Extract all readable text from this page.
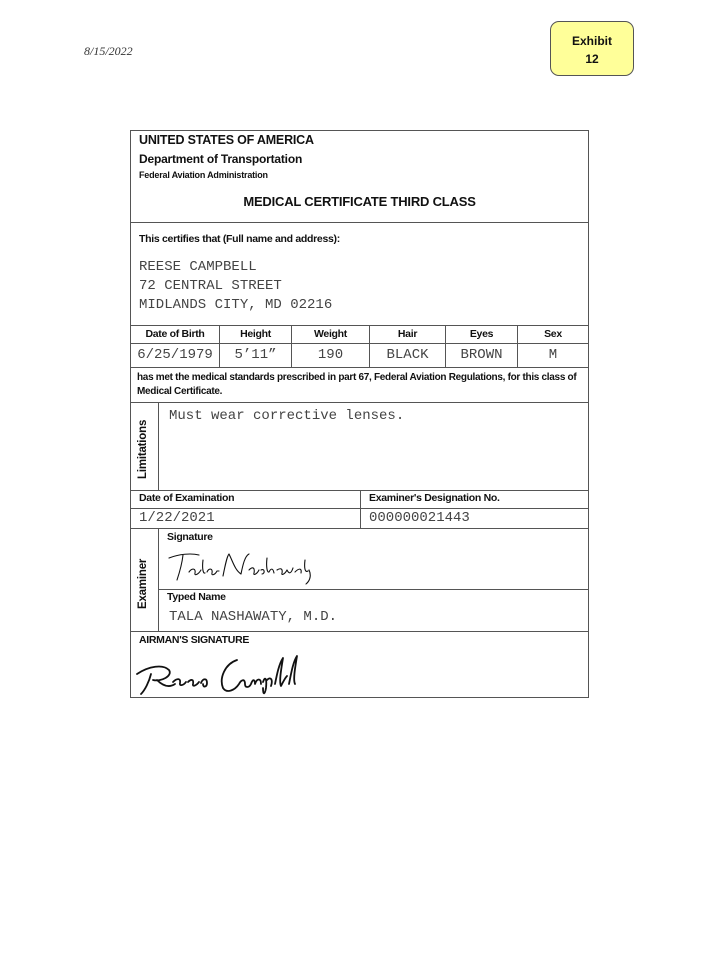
8/15/2022
Exhibit
12
UNITED STATES OF AMERICA
Department of Transportation
Federal Aviation Administration
MEDICAL CERTIFICATE THIRD CLASS
This certifies that (Full name and address):
REESE CAMPBELL
72 CENTRAL STREET
MIDLANDS CITY, MD 02216
Date of Birth	Height	Weight	Hair	Eyes	Sex
6/25/1979	5’11”	190	BLACK	BROWN	M
has met the medical standards prescribed in part 67, Federal Aviation Regulations, for this class of Medical Certificate.
Limitations
Must wear corrective lenses.
Date of Examination	Examiner's Designation No.
1/22/2021	000000021443
Examiner
Signature
Typed Name
TALA NASHAWATY, M.D.
AIRMAN'S SIGNATURE
